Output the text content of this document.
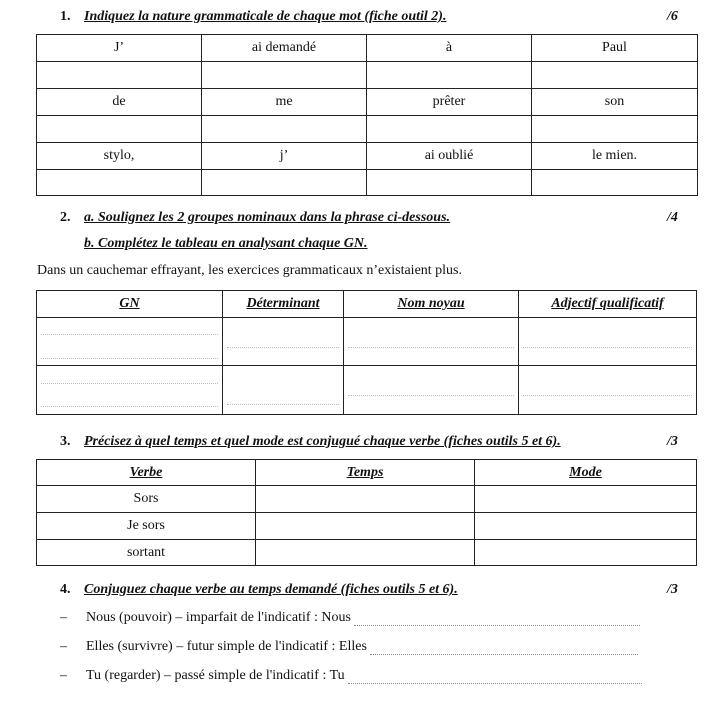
1. Indiquez la nature grammaticale de chaque mot (fiche outil 2).	/6
J’	ai demandé	à	Paul

de	me	prêter	son

stylo,	j’	ai oublié	le mien.

2. a. Soulignez les 2 groupes nominaux dans la phrase ci-dessous.	/4
b. Complétez le tableau en analysant chaque GN.
Dans un cauchemar effrayant, les exercices grammaticaux n’existaient plus.
GN	Déterminant	Nom noyau	Adjectif qualificatif

3. Précisez à quel temps et quel mode est conjugué chaque verbe (fiches outils 5 et 6).	/3
Verbe	Temps	Mode
Sors		
Je sors		
sortant		
4. Conjuguez chaque verbe au temps demandé (fiches outils 5 et 6).	/3
–	Nous (pouvoir) – imparfait de l'indicatif : Nous
–	Elles (survivre) – futur simple de l'indicatif : Elles
–	Tu (regarder) – passé simple de l'indicatif : Tu
